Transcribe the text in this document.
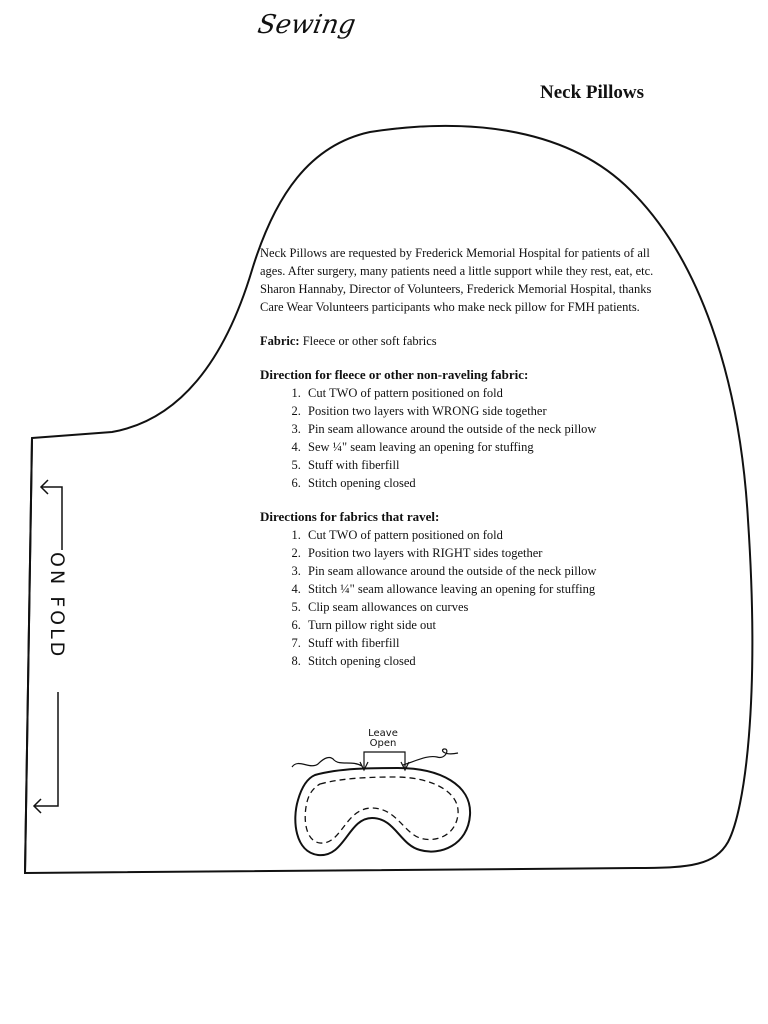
Sewing
Neck Pillows

Neck Pillows are requested by Frederick Memorial Hospital for patients of all ages. After surgery, many patients need a little support while they rest, eat, etc. Sharon Hannaby, Director of Volunteers, Frederick Memorial Hospital, thanks Care Wear Volunteers participants who make neck pillow for FMH patients.

Fabric: Fleece or other soft fabrics

Direction for fleece or other non-raveling fabric:

1. Cut TWO of pattern positioned on fold
2. Position two layers with WRONG side together
3. Pin seam allowance around the outside of the neck pillow
4. Sew ¼" seam leaving an opening for stuffing
5. Stuff with fiberfill
6. Stitch opening closed

Directions for fabrics that ravel:

1. Cut TWO of pattern positioned on fold
2. Position two layers with RIGHT sides together
3. Pin seam allowance around the outside of the neck pillow
4. Stitch ¼" seam allowance leaving an opening for stuffing
5. Clip seam allowances on curves
6. Turn pillow right side out
7. Stuff with fiberfill
8. Stitch opening closed
ON FOLD
Leave
Open
